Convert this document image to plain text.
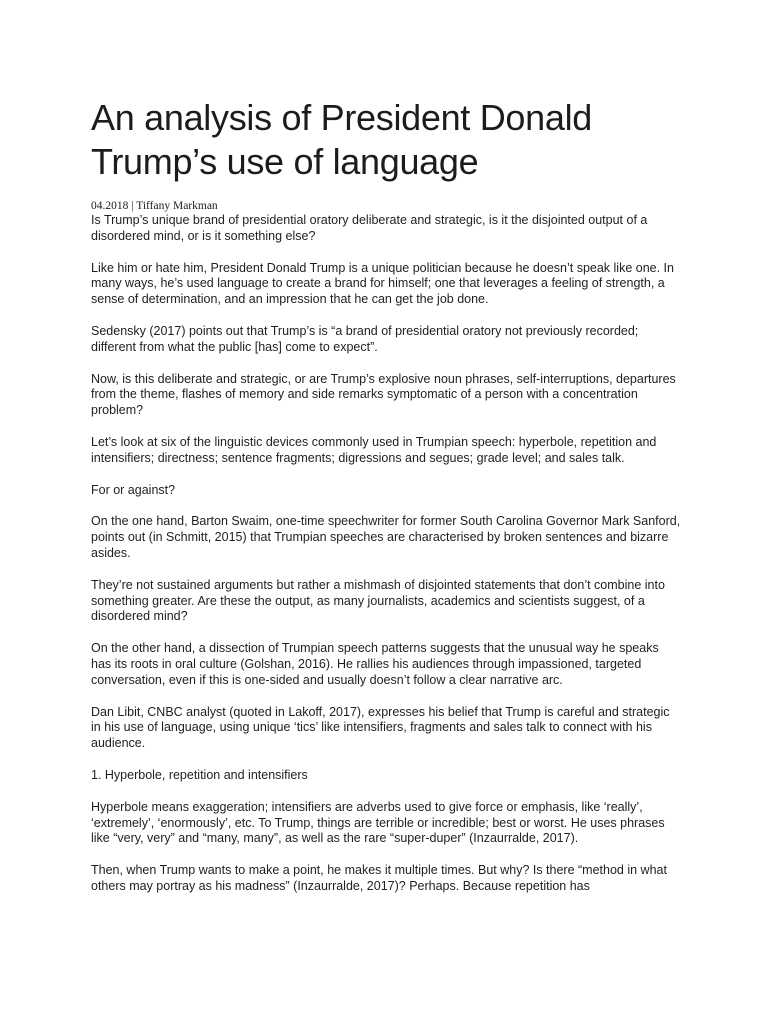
An analysis of President Donald Trump’s use of language
04.2018 | Tiffany Markman

Is Trump’s unique brand of presidential oratory deliberate and strategic, is it the disjointed output of a disordered mind, or is it something else?

Like him or hate him, President Donald Trump is a unique politician because he doesn’t speak like one. In many ways, he’s used language to create a brand for himself; one that leverages a feeling of strength, a sense of determination, and an impression that he can get the job done.

Sedensky (2017) points out that Trump’s is “a brand of presidential oratory not previously recorded; different from what the public [has] come to expect”.

Now, is this deliberate and strategic, or are Trump’s explosive noun phrases, self-interruptions, departures from the theme, flashes of memory and side remarks symptomatic of a person with a concentration problem?

Let’s look at six of the linguistic devices commonly used in Trumpian speech: hyperbole, repetition and intensifiers; directness; sentence fragments; digressions and segues; grade level; and sales talk.

For or against?

On the one hand, Barton Swaim, one-time speechwriter for former South Carolina Governor Mark Sanford, points out (in Schmitt, 2015) that Trumpian speeches are characterised by broken sentences and bizarre asides.

They’re not sustained arguments but rather a mishmash of disjointed statements that don’t combine into something greater. Are these the output, as many journalists, academics and scientists suggest, of a disordered mind?

On the other hand, a dissection of Trumpian speech patterns suggests that the unusual way he speaks has its roots in oral culture (Golshan, 2016). He rallies his audiences through impassioned, targeted conversation, even if this is one-sided and usually doesn’t follow a clear narrative arc.

Dan Libit, CNBC analyst (quoted in Lakoff, 2017), expresses his belief that Trump is careful and strategic in his use of language, using unique ‘tics’ like intensifiers, fragments and sales talk to connect with his audience.

1. Hyperbole, repetition and intensifiers

Hyperbole means exaggeration; intensifiers are adverbs used to give force or emphasis, like ‘really’, ‘extremely’, ‘enormously’, etc. To Trump, things are terrible or incredible; best or worst. He uses phrases like “very, very” and “many, many”, as well as the rare “super-duper” (Inzaurralde, 2017).

Then, when Trump wants to make a point, he makes it multiple times. But why? Is there “method in what others may portray as his madness” (Inzaurralde, 2017)? Perhaps. Because repetition has
